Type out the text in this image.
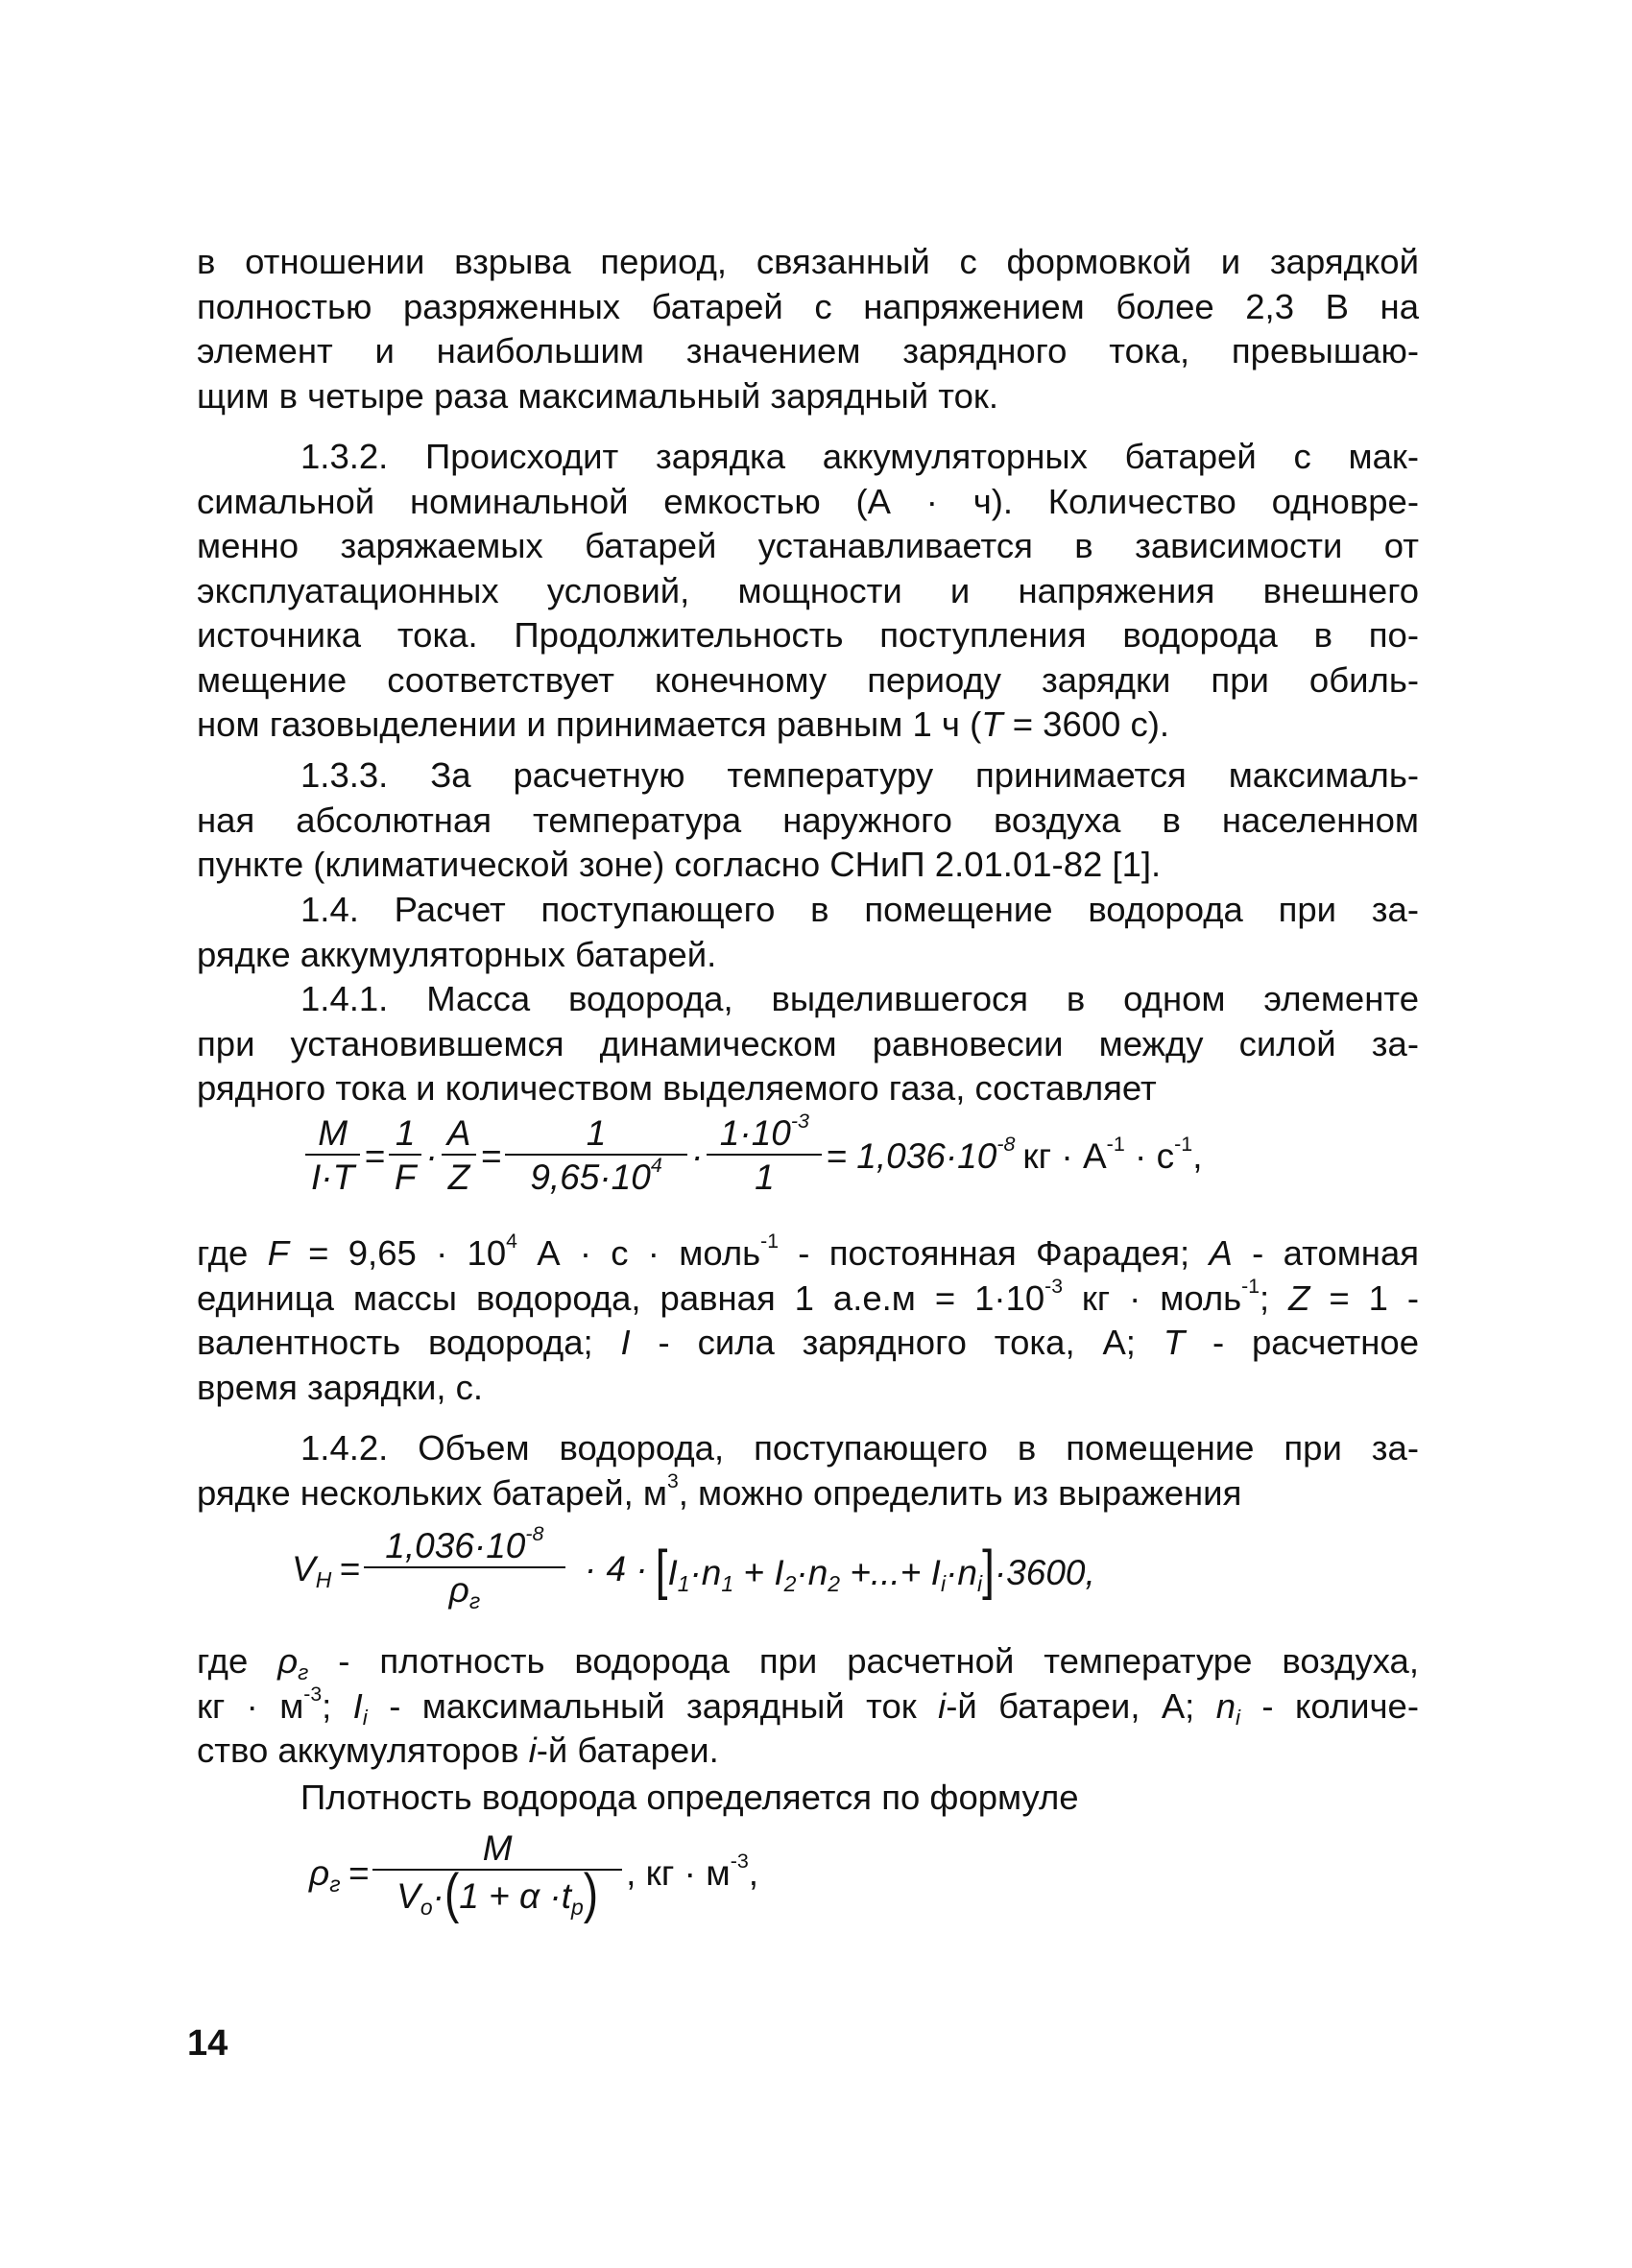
в отношении взрыва период, связанный с формовкой и зарядкой
полностью разряженных батарей с напряжением более 2,3 В на
элемент и наибольшим значением зарядного тока, превышаю-
щим в четыре раза максимальный зарядный ток.
1.3.2. Происходит зарядка аккумуляторных батарей с мак-
симальной номинальной емкостью (А · ч). Количество одновре-
менно заряжаемых батарей устанавливается в зависимости от
эксплуатационных условий, мощности и напряжения внешнего
источника тока. Продолжительность поступления водорода в по-
мещение соответствует конечному периоду зарядки при обиль-
ном газовыделении и принимается равным 1 ч (T = 3600 с).
1.3.3. За расчетную температуру принимается максималь-
ная абсолютная температура наружного воздуха в населенном
пункте (климатической зоне) согласно СНиП 2.01.01-82 [1].
1.4. Расчет поступающего в помещение водорода при за-
рядке аккумуляторных батарей.
1.4.1. Масса водорода, выделившегося в одном элементе
при установившемся динамическом равновесии между силой за-
рядного тока и количеством выделяемого газа, составляет
$\frac{M}{I\cdot T} = \frac{1}{F} \cdot \frac{A}{Z} = \frac{1}{9,65\cdot 10^4} \cdot \frac{1\cdot 10^{-3}}{1} = 1,036\cdot 10^{-8}кг \cdot А^{-1} \cdot с^{-1}$,
где $F = 9,65 \cdot 10^4$ А · с · моль$^{-1}$ - постоянная Фарадея; A - атомная
единица массы водорода, равная 1 $а.е.м = 1\cdot 10^{-3}$ кг · моль$^{-1}$; Z = 1 -
валентность водорода; I - сила зарядного тока, А; T - расчетное
время зарядки, с.
1.4.2. Объем водорода, поступающего в помещение при за-
рядке нескольких батарей, $м^3$, можно определить из выражения
$V_H = \frac{1,036\cdot 10^{-8}}{\rho_г} \cdot 4 \cdot [I_1\cdot n_1 + I_2\cdot n_2$ +...+ $I_i\cdot n_i]\cdot 3600$,
где $\rho_г$ - плотность водорода при расчетной температуре воздуха,
кг · $м^{-3}$; $I_i$ - максимальный зарядный ток i-й батареи, А; $n_i$ - количе-
ство аккумуляторов i-й батареи.
Плотность водорода определяется по формуле
$\rho_г = \frac{M}{V_o\cdot(1 + \alpha \cdot t_p)}$ , кг · $м^{-3}$,
14
